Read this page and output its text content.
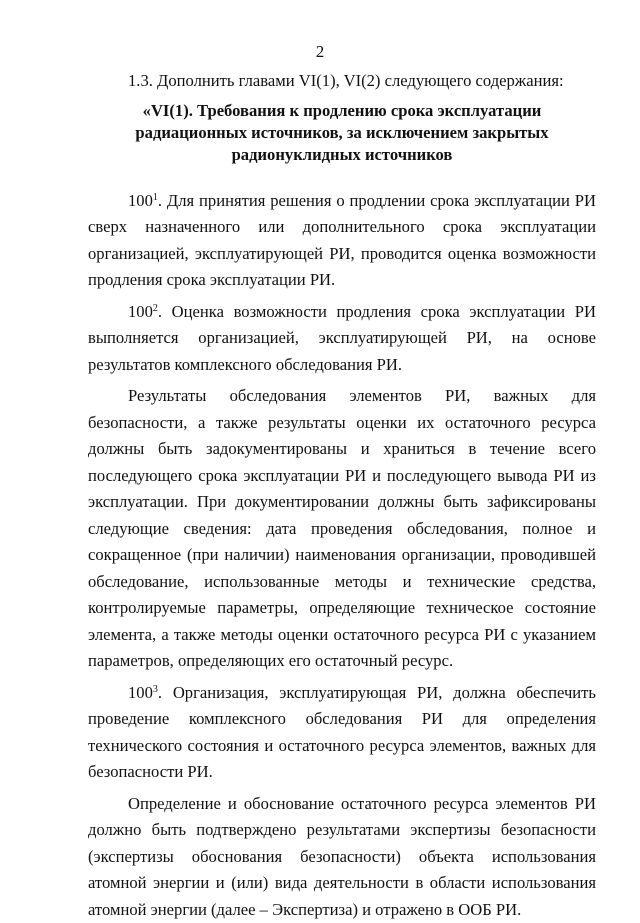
2

1.3. Дополнить главами VI(1), VI(2) следующего содержания:

«VI(1). Требования к продлению срока эксплуатации радиационных источников, за исключением закрытых радионуклидных источников

$100^1$. Для принятия решения о продлении срока эксплуатации РИ сверх назначенного или дополнительного срока эксплуатации организацией, эксплуатирующей РИ, проводится оценка возможности продления срока эксплуатации РИ.

$100^2$. Оценка возможности продления срока эксплуатации РИ выполняется организацией, эксплуатирующей РИ, на основе результатов комплексного обследования РИ.

Результаты обследования элементов РИ, важных для безопасности, а также результаты оценки их остаточного ресурса должны быть задокументированы и храниться в течение всего последующего срока эксплуатации РИ и последующего вывода РИ из эксплуатации. При документировании должны быть зафиксированы следующие сведения: дата проведения обследования, полное и сокращенное (при наличии) наименования организации, проводившей обследование, использованные методы и технические средства, контролируемые параметры, определяющие техническое состояние элемента, а также методы оценки остаточного ресурса РИ с указанием параметров, определяющих его остаточный ресурс.

$100^3$. Организация, эксплуатирующая РИ, должна обеспечить проведение комплексного обследования РИ для определения технического состояния и остаточного ресурса элементов, важных для безопасности РИ.

Определение и обоснование остаточного ресурса элементов РИ должно быть подтверждено результатами экспертизы безопасности (экспертизы обоснования безопасности) объекта использования атомной энергии и (или) вида деятельности в области использования атомной энергии (далее – Экспертиза) и отражено в ООБ РИ.
